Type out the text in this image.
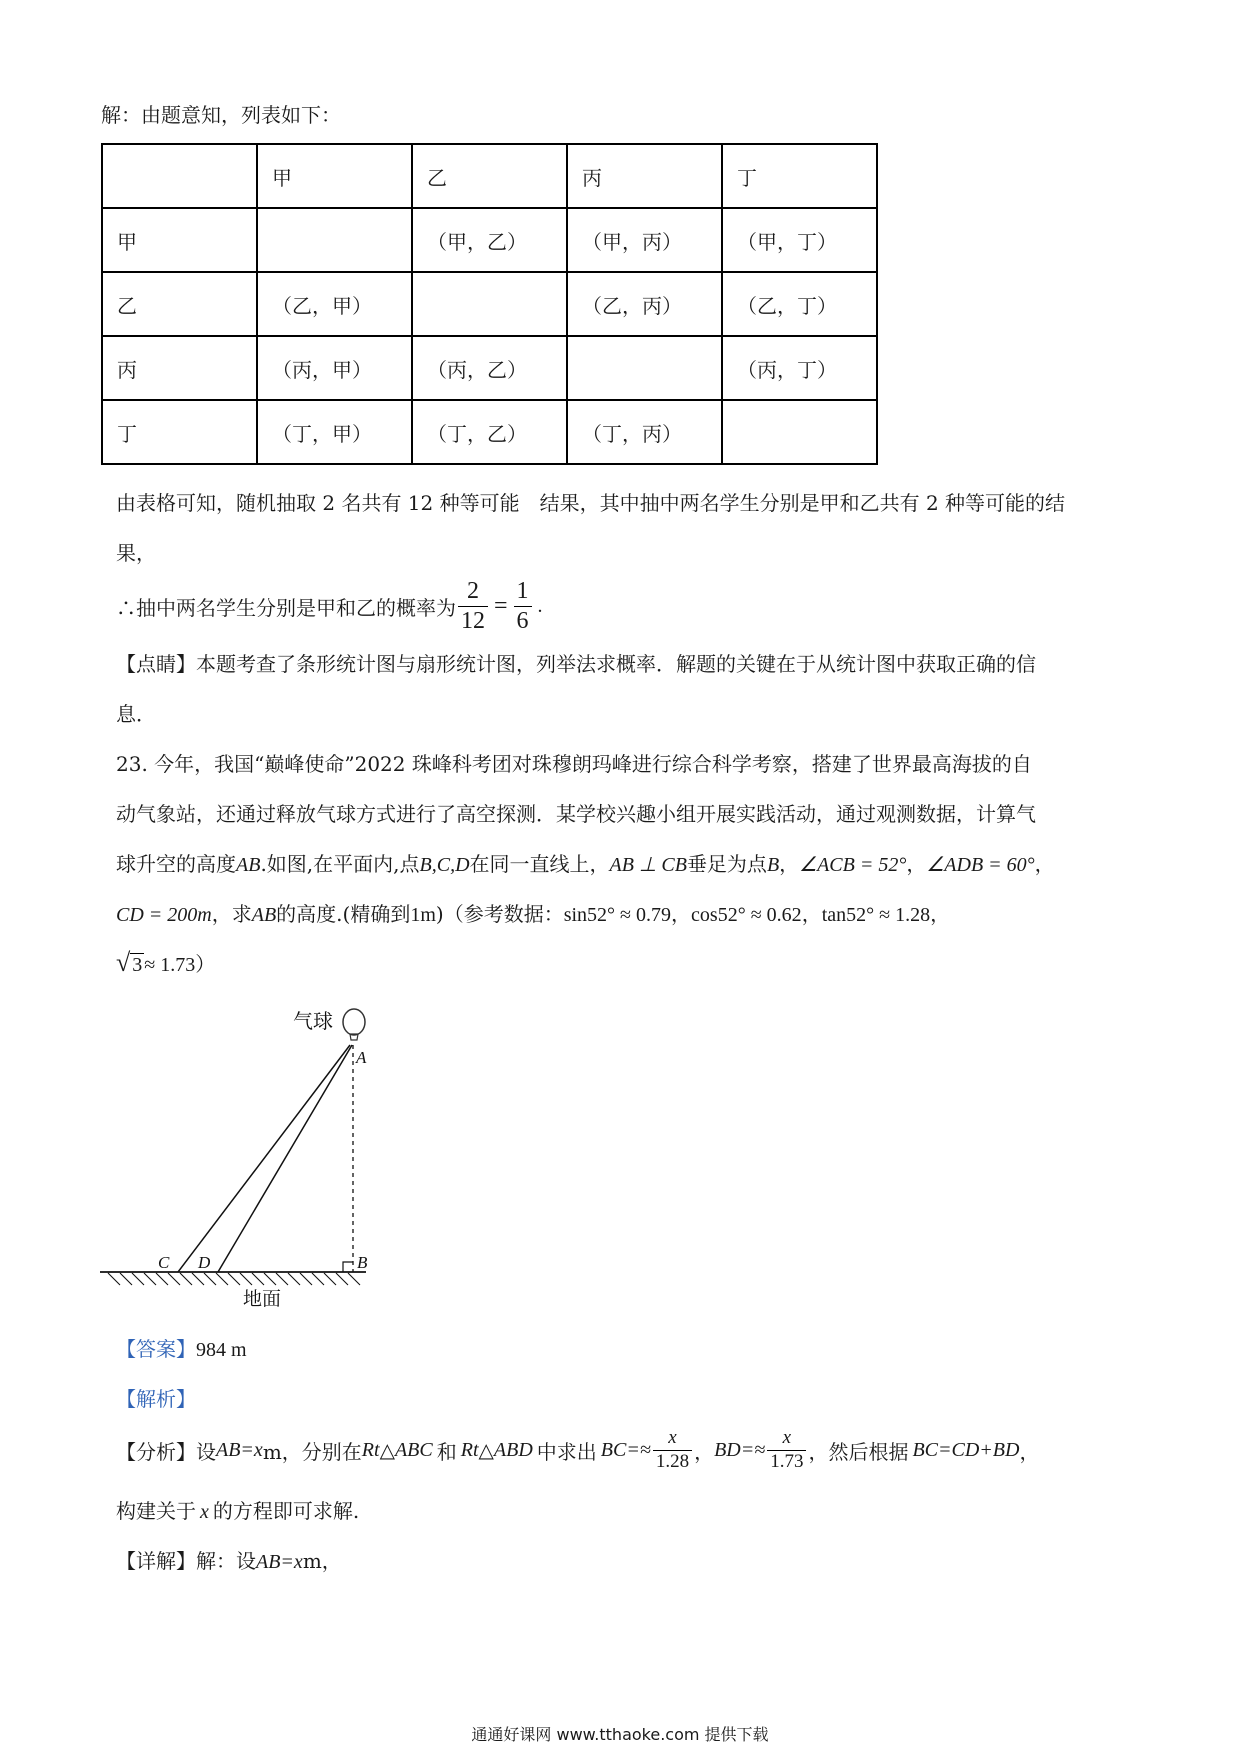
解：由题意知，列表如下：
	甲	乙	丙	丁
甲		（甲，乙）	（甲，丙）	（甲，丁）
乙	（乙，甲）		（乙，丙）	（乙，丁）
丙	（丙，甲）	（丙，乙）		（丙，丁）
丁	（丁，甲）	（丁，乙）	（丁，丙）	
由表格可知，随机抽取 2 名共有 12 种等可能　结果，其中抽中两名学生分别是甲和乙共有 2 种等可能的结
果，
∴抽中两名学生分别是甲和乙的概率为 $\frac{2}{12} = \frac{1}{6}$ .
【点睛】本题考查了条形统计图与扇形统计图，列举法求概率．解题的关键在于从统计图中获取正确的信
息．
23. 今年，我国“巅峰使命”2022 珠峰科考团对珠穆朗玛峰进行综合科学考察，搭建了世界最高海拔的自
动气象站，还通过释放气球方式进行了高空探测．某学校兴趣小组开展实践活动，通过观测数据，计算气
球升空的高度AB.如图,在平面内,点B,C,D在同一直线上，AB ⊥ CB垂足为点B，∠ACB = 52°，∠ADB = 60°，
CD = 200m，求AB的高度.(精确到1m)（参考数据：sin52° ≈ 0.79，cos52° ≈ 0.62，tan52° ≈ 1.28，
√ 3 ≈ 1.73）
气球
A
C D	B
地面
【答案】984 m
【解析】
【分析】 设 AB=x m，分别在 Rt △ ABC 和 Rt △ ABD 中求出 $BC=\approx \frac{x}{1.28}$ ， $BD=\approx \frac{x}{1.73}$ ，然后根据 BC=CD+BD ，
构建关于 x 的方程即可求解.
【详解】解：设AB=xm，
通通好课网 www.tthaoke.com 提供下载
